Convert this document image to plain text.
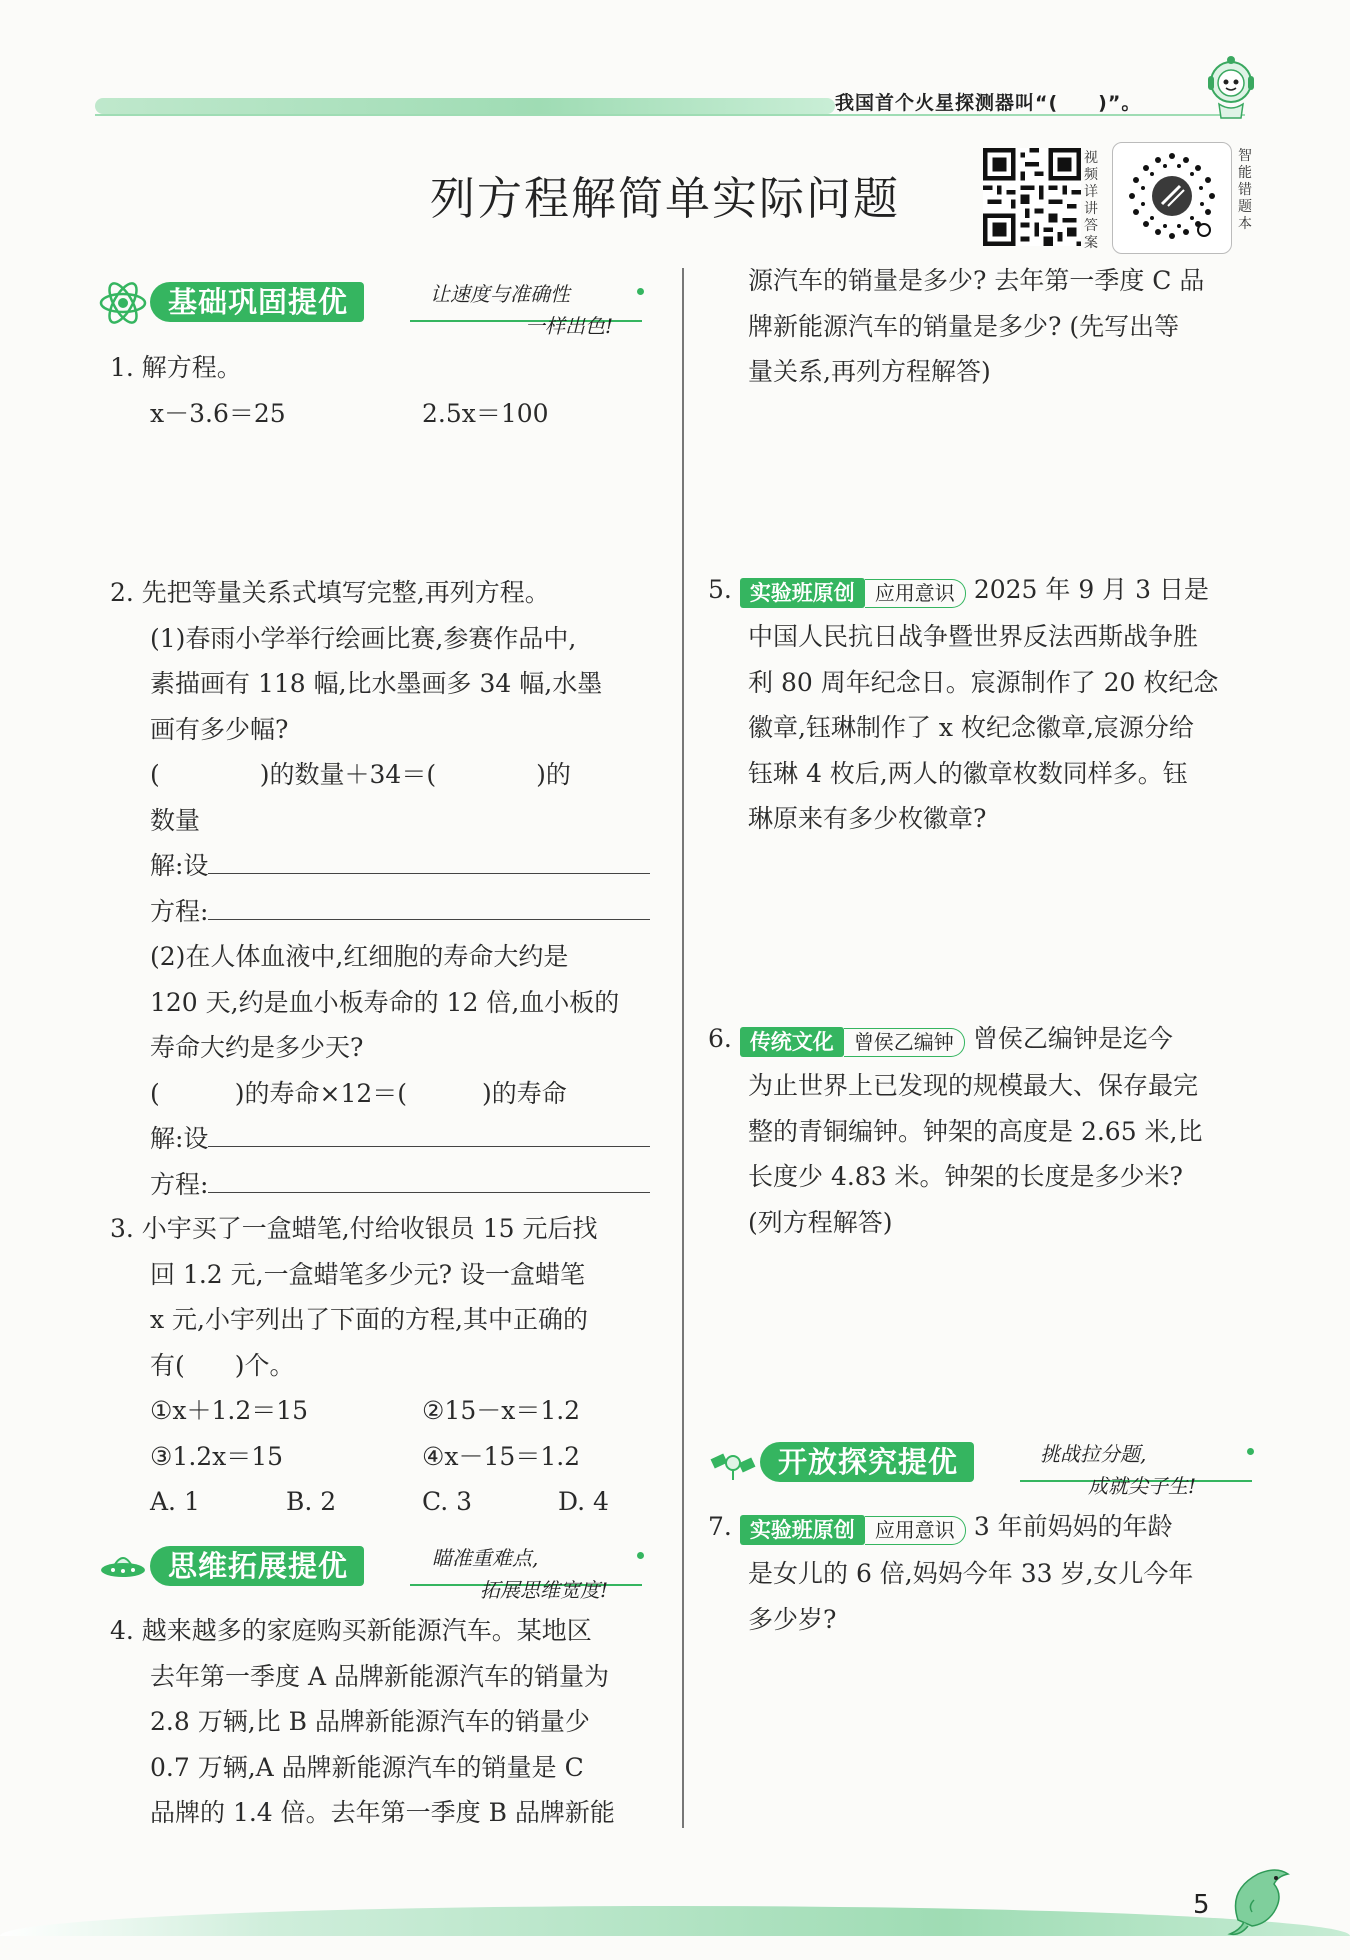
我国首个火星探测器叫“(　　)”。
列方程解简单实际问题
视频详讲答案
智能错题本
基础巩固提优	让速度与准确性
一样出色!

1. 解方程。

x－3.6＝25	2.5x＝100

2. 先把等量关系式填写完整,再列方程。

(1)春雨小学举行绘画比赛,参赛作品中,

素描画有 118 幅,比水墨画多 34 幅,水墨

画有多少幅?

(　　　　)的数量＋34＝(　　　　)的

数量

解:设

方程:

(2)在人体血液中,红细胞的寿命大约是

120 天,约是血小板寿命的 12 倍,血小板的

寿命大约是多少天?

(　　　)的寿命×12＝(　　　)的寿命

解:设

方程:

3. 小宇买了一盒蜡笔,付给收银员 15 元后找

回 1.2 元,一盒蜡笔多少元? 设一盒蜡笔

x 元,小宇列出了下面的方程,其中正确的

有(　　)个。

①x＋1.2＝15	②15－x＝1.2

③1.2x＝15	④x－15＝1.2

A. 1	B. 2	C. 3	D. 4

思维拓展提优	瞄准重难点,
拓展思维宽度!

4. 越来越多的家庭购买新能源汽车。某地区

去年第一季度 A 品牌新能源汽车的销量为

2.8 万辆,比 B 品牌新能源汽车的销量少

0.7 万辆,A 品牌新能源汽车的销量是 C

品牌的 1.4 倍。去年第一季度 B 品牌新能

源汽车的销量是多少? 去年第一季度 C 品

牌新能源汽车的销量是多少? (先写出等

量关系,再列方程解答)

5. 实验班原创 应用意识 2025 年 9 月 3 日是

中国人民抗日战争暨世界反法西斯战争胜

利 80 周年纪念日。宸源制作了 20 枚纪念

徽章,钰琳制作了 x 枚纪念徽章,宸源分给

钰琳 4 枚后,两人的徽章枚数同样多。钰

琳原来有多少枚徽章?

6. 传统文化 曾侯乙编钟 曾侯乙编钟是迄今

为止世界上已发现的规模最大、保存最完

整的青铜编钟。钟架的高度是 2.65 米,比

长度少 4.83 米。钟架的长度是多少米?

(列方程解答)

开放探究提优	挑战拉分题,
成就尖子生!

7. 实验班原创 应用意识 3 年前妈妈的年龄

是女儿的 6 倍,妈妈今年 33 岁,女儿今年

多少岁?

5
